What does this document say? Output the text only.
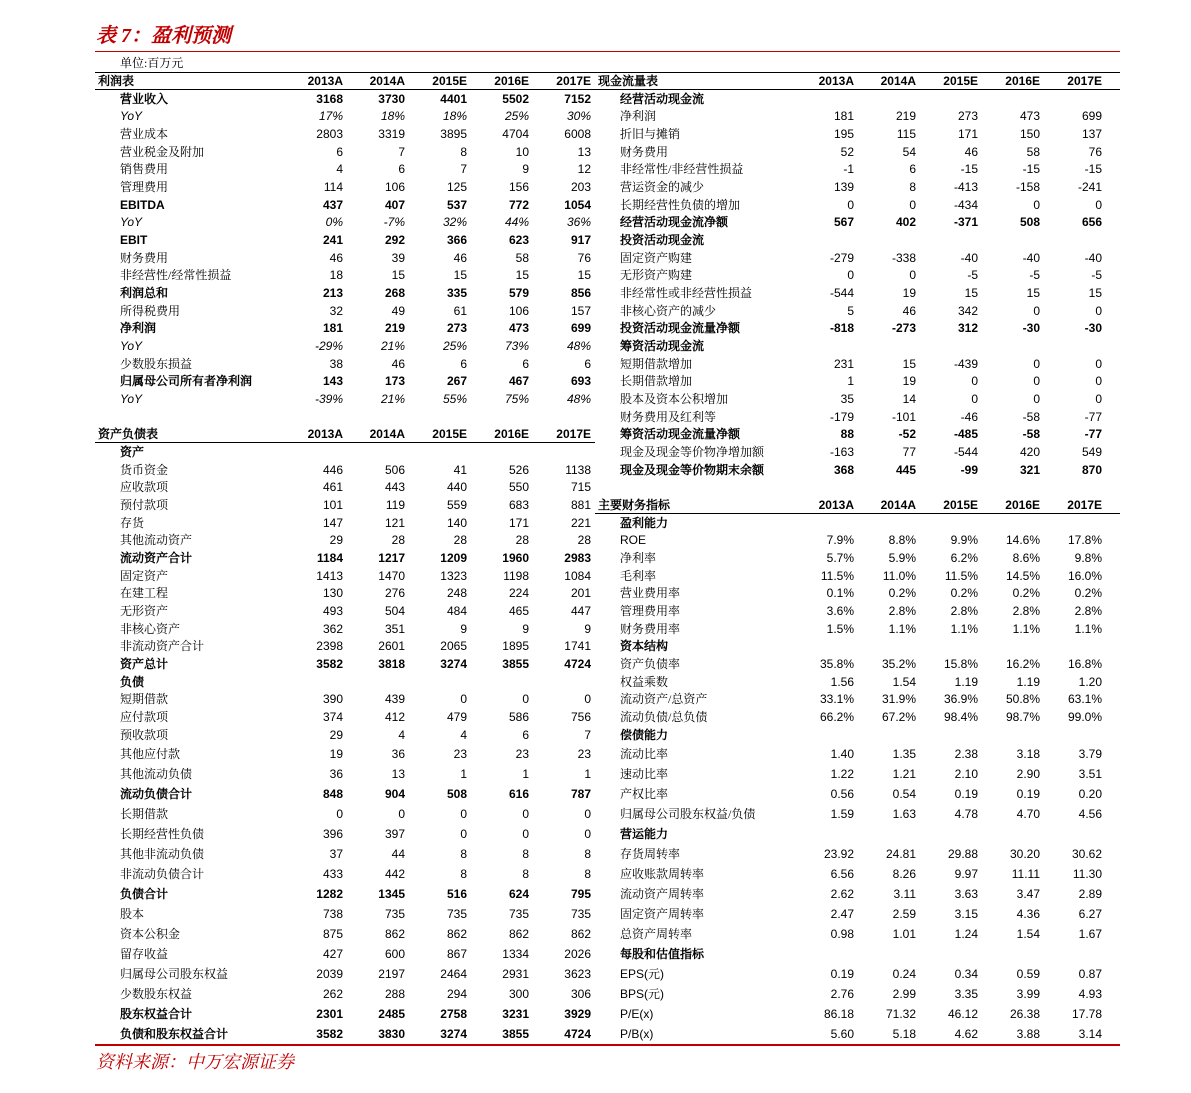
表 7：盈利预测
单位:百万元
利润表	2013A	2014A	2015E	2016E	2017E 现金流量表	2013A	2014A	2015E	2016E	2017E
营业收入	3168	3730	4401	5502	7152	经营活动现金流
YoY	17%	18%	18%	25%	30%	净利润	181	219	273	473	699
营业成本	2803	3319	3895	4704	6008	折旧与摊销	195	115	171	150	137
营业税金及附加	6	7	8	10	13	财务费用	52	54	46	58	76
销售费用	4	6	7	9	12	非经常性/非经营性损益	-1	6	-15	-15	-15
管理费用	114	106	125	156	203	营运资金的减少	139	8	-413	-158	-241
EBITDA	437	407	537	772	1054	长期经营性负债的增加	0	0	-434	0	0
YoY	0%	-7%	32%	44%	36%	经营活动现金流净额	567	402	-371	508	656
EBIT	241	292	366	623	917	投资活动现金流
财务费用	46	39	46	58	76	固定资产购建	-279	-338	-40	-40	-40
非经营性/经常性损益	18	15	15	15	15	无形资产购建	0	0	-5	-5	-5
利润总和	213	268	335	579	856	非经常性或非经营性损益	-544	19	15	15	15
所得税费用	32	49	61	106	157	非核心资产的减少	5	46	342	0	0
净利润	181	219	273	473	699	投资活动现金流量净额	-818	-273	312	-30	-30
YoY	-29%	21%	25%	73%	48%	筹资活动现金流
少数股东损益	38	46	6	6	6	短期借款增加	231	15	-439	0	0
归属母公司所有者净利润	143	173	267	467	693	长期借款增加	1	19	0	0	0
YoY	-39%	21%	55%	75%	48%	股本及资本公积增加	35	14	0	0	0
财务费用及红利等	-179	-101	-46	-58	-77
资产负债表	2013A	2014A	2015E	2016E	2017E	筹资活动现金流量净额	88	-52	-485	-58	-77
资产	现金及现金等价物净增加额	-163	77	-544	420	549
货币资金	446	506	41	526	1138	现金及现金等价物期末余额	368	445	-99	321	870
应收款项	461	443	440	550	715
预付款项	101	119	559	683	881 主要财务指标	2013A	2014A	2015E	2016E	2017E
存货	147	121	140	171	221	盈利能力
其他流动资产	29	28	28	28	28	ROE	7.9%	8.8%	9.9%	14.6%	17.8%
流动资产合计	1184	1217	1209	1960	2983	净利率	5.7%	5.9%	6.2%	8.6%	9.8%
固定资产	1413	1470	1323	1198	1084	毛利率	11.5%	11.0%	11.5%	14.5%	16.0%
在建工程	130	276	248	224	201	营业费用率	0.1%	0.2%	0.2%	0.2%	0.2%
无形资产	493	504	484	465	447	管理费用率	3.6%	2.8%	2.8%	2.8%	2.8%
非核心资产	362	351	9	9	9	财务费用率	1.5%	1.1%	1.1%	1.1%	1.1%
非流动资产合计	2398	2601	2065	1895	1741	资本结构
资产总计	3582	3818	3274	3855	4724	资产负债率	35.8%	35.2%	15.8%	16.2%	16.8%
负债	权益乘数	1.56	1.54	1.19	1.19	1.20
短期借款	390	439	0	0	0	流动资产/总资产	33.1%	31.9%	36.9%	50.8%	63.1%
应付款项	374	412	479	586	756	流动负债/总负债	66.2%	67.2%	98.4%	98.7%	99.0%
预收款项	29	4	4	6	7	偿债能力
其他应付款	19	36	23	23	23	流动比率	1.40	1.35	2.38	3.18	3.79
其他流动负债	36	13	1	1	1	速动比率	1.22	1.21	2.10	2.90	3.51
流动负债合计	848	904	508	616	787	产权比率	0.56	0.54	0.19	0.19	0.20
长期借款	0	0	0	0	0	归属母公司股东权益/负债	1.59	1.63	4.78	4.70	4.56
长期经营性负债	396	397	0	0	0	营运能力
其他非流动负债	37	44	8	8	8	存货周转率	23.92	24.81	29.88	30.20	30.62
非流动负债合计	433	442	8	8	8	应收账款周转率	6.56	8.26	9.97	11.11	11.30
负债合计	1282	1345	516	624	795	流动资产周转率	2.62	3.11	3.63	3.47	2.89
股本	738	735	735	735	735	固定资产周转率	2.47	2.59	3.15	4.36	6.27
资本公积金	875	862	862	862	862	总资产周转率	0.98	1.01	1.24	1.54	1.67
留存收益	427	600	867	1334	2026	每股和估值指标
归属母公司股东权益	2039	2197	2464	2931	3623	EPS(元)	0.19	0.24	0.34	0.59	0.87
少数股东权益	262	288	294	300	306	BPS(元)	2.76	2.99	3.35	3.99	4.93
股东权益合计	2301	2485	2758	3231	3929	P/E(x)	86.18	71.32	46.12	26.38	17.78
负债和股东权益合计	3582	3830	3274	3855	4724	P/B(x)	5.60	5.18	4.62	3.88	3.14
资料来源：中万宏源证券
